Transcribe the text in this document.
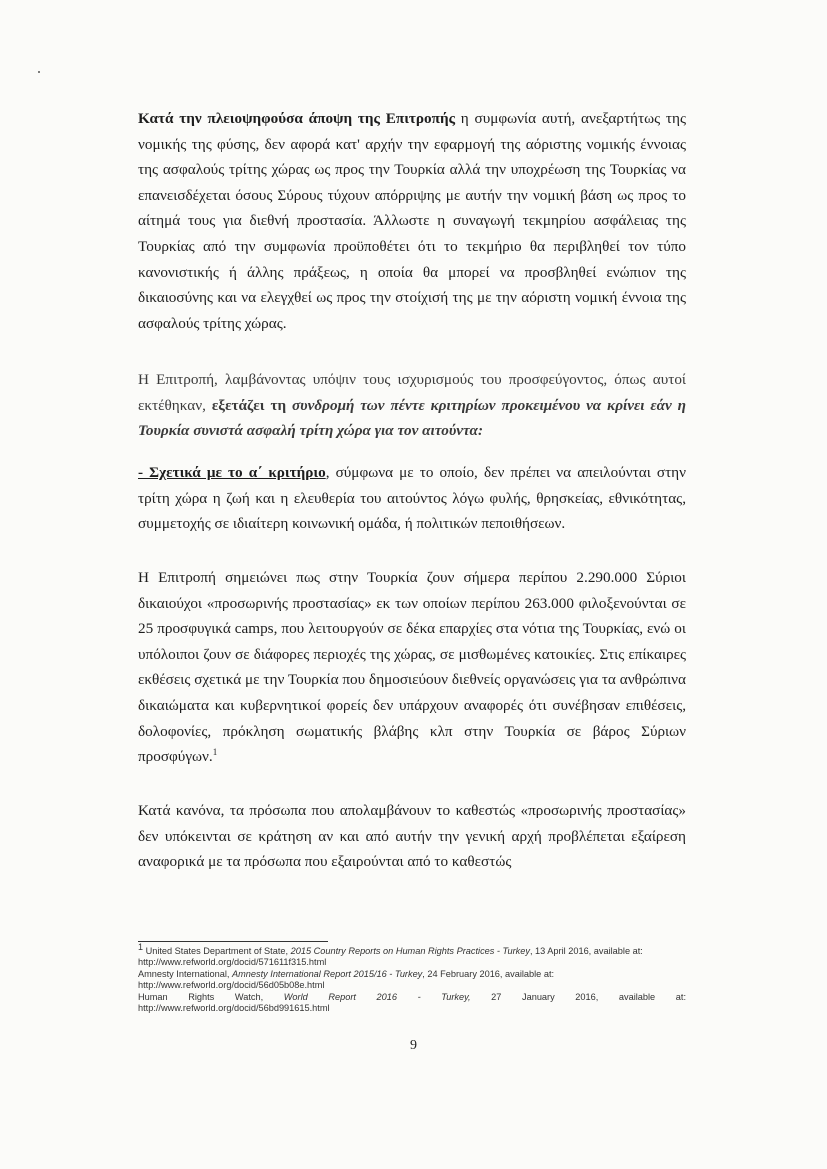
Κατά την πλειοψηφούσα άποψη της Επιτροπής η συμφωνία αυτή, ανεξαρτήτως της νομικής της φύσης, δεν αφορά κατ' αρχήν την εφαρμογή της αόριστης νομικής έννοιας της ασφαλούς τρίτης χώρας ως προς την Τουρκία αλλά την υποχρέωση της Τουρκίας να επανεισδέχεται όσους Σύρους τύχουν απόρριψης με αυτήν την νομική βάση ως προς το αίτημά τους για διεθνή προστασία. Άλλωστε η συναγωγή τεκμηρίου ασφάλειας της Τουρκίας από την συμφωνία προϋποθέτει ότι το τεκμήριο θα περιβληθεί τον τύπο κανονιστικής ή άλλης πράξεως, η οποία θα μπορεί να προσβληθεί ενώπιον της δικαιοσύνης και να ελεγχθεί ως προς την στοίχισή της με την αόριστη νομική έννοια της ασφαλούς τρίτης χώρας.

Η Επιτροπή, λαμβάνοντας υπόψιν τους ισχυρισμούς του προσφεύγοντος, όπως αυτοί εκτέθηκαν, εξετάζει τη συνδρομή των πέντε κριτηρίων προκειμένου να κρίνει εάν η Τουρκία συνιστά ασφαλή τρίτη χώρα για τον αιτούντα:

- Σχετικά με το α΄ κριτήριο, σύμφωνα με το οποίο, δεν πρέπει να απειλούνται στην τρίτη χώρα η ζωή και η ελευθερία του αιτούντος λόγω φυλής, θρησκείας, εθνικότητας, συμμετοχής σε ιδιαίτερη κοινωνική ομάδα, ή πολιτικών πεποιθήσεων.

Η Επιτροπή σημειώνει πως στην Τουρκία ζουν σήμερα περίπου 2.290.000 Σύριοι δικαιούχοι «προσωρινής προστασίας» εκ των οποίων περίπου 263.000 φιλοξενούνται σε 25 προσφυγικά camps, που λειτουργούν σε δέκα επαρχίες στα νότια της Τουρκίας, ενώ οι υπόλοιποι ζουν σε διάφορες περιοχές της χώρας, σε μισθωμένες κατοικίες. Στις επίκαιρες εκθέσεις σχετικά με την Τουρκία που δημοσιεύουν διεθνείς οργανώσεις για τα ανθρώπινα δικαιώματα και κυβερνητικοί φορείς δεν υπάρχουν αναφορές ότι συνέβησαν επιθέσεις, δολοφονίες, πρόκληση σωματικής βλάβης κλπ στην Τουρκία σε βάρος Σύριων προσφύγων.$^1$

Κατά κανόνα, τα πρόσωπα που απολαμβάνουν το καθεστώς «προσωρινής προστασίας» δεν υπόκεινται σε κράτηση αν και από αυτήν την γενική αρχή προβλέπεται εξαίρεση αναφορικά με τα πρόσωπα που εξαιρούνται από το καθεστώς

$^1$ United States Department of State, 2015 Country Reports on Human Rights Practices - Turkey, 13 April 2016, available at:
http://www.refworld.org/docid/571611f315.html
Amnesty International, Amnesty International Report 2015/16 - Turkey, 24 February 2016, available at:
http://www.refworld.org/docid/56d05b08e.html
Human Rights Watch, World Report 2016 - Turkey, 27 January 2016, available at:
http://www.refworld.org/docid/56bd991615.html
9
